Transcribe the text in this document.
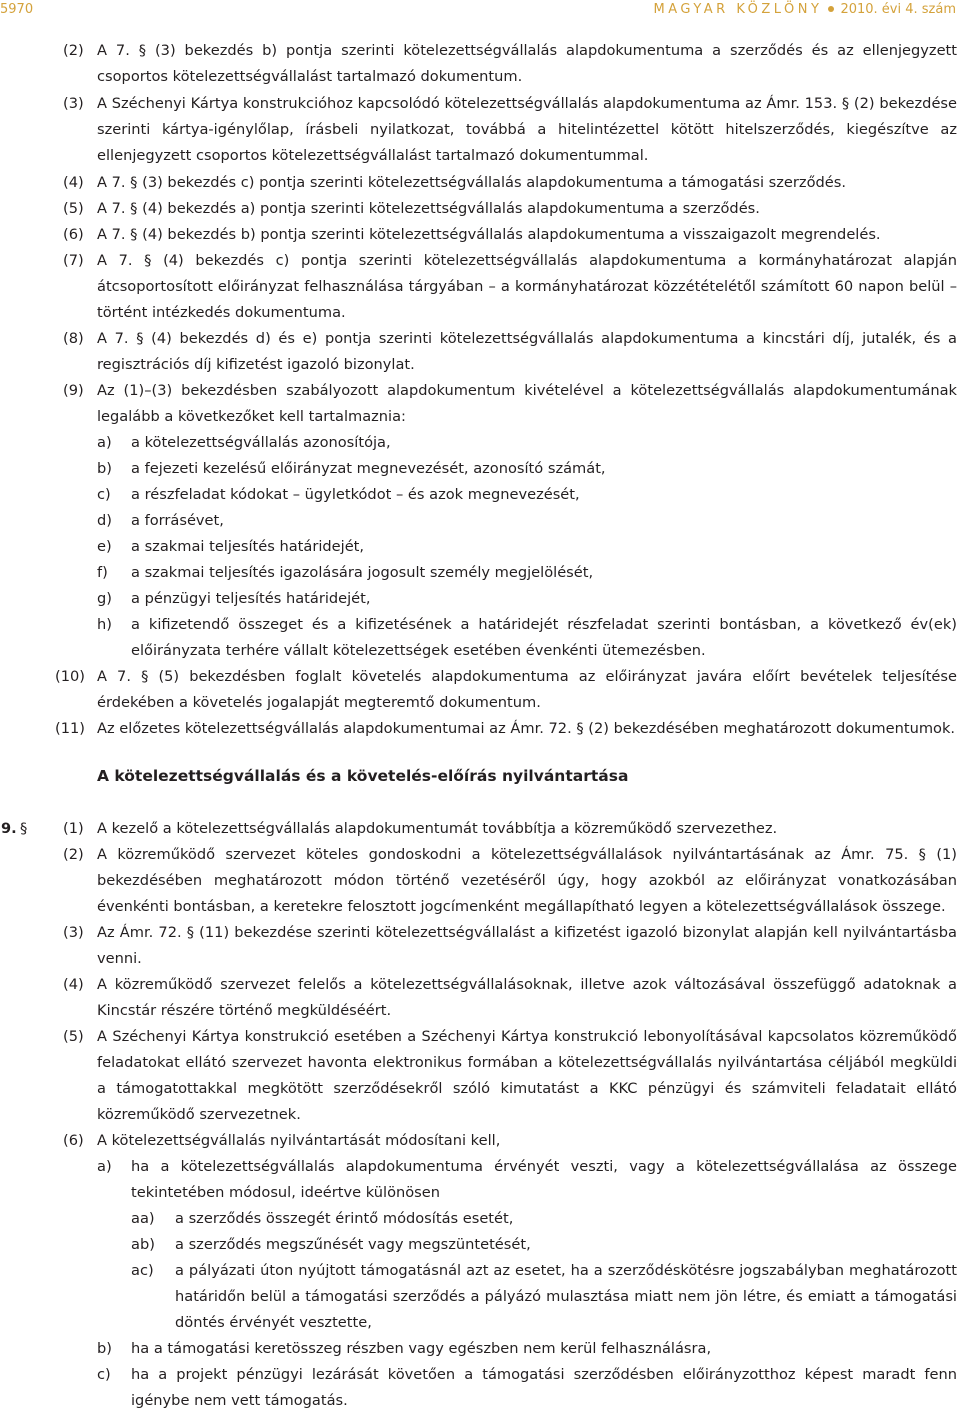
5970	MAGYAR KÖZLÖNY 2010. évi 4. szám

(2) A 7. § (3) bekezdés b) pontja szerinti kötelezettségvállalás alapdokumentuma a szerződés és az ellenjegyzett csoportos kötelezettségvállalást tartalmazó dokumentum.

(3) A Széchenyi Kártya konstrukcióhoz kapcsolódó kötelezettségvállalás alapdokumentuma az Ámr. 153. § (2) bekezdése szerinti kártya-igénylőlap, írásbeli nyilatkozat, továbbá a hitelintézettel kötött hitelszerződés, kiegészítve az ellenjegyzett csoportos kötelezettségvállalást tartalmazó dokumentummal.

(4) A 7. § (3) bekezdés c) pontja szerinti kötelezettségvállalás alapdokumentuma a támogatási szerződés.

(5) A 7. § (4) bekezdés a) pontja szerinti kötelezettségvállalás alapdokumentuma a szerződés.

(6) A 7. § (4) bekezdés b) pontja szerinti kötelezettségvállalás alapdokumentuma a visszaigazolt megrendelés.

(7) A 7. § (4) bekezdés c) pontja szerinti kötelezettségvállalás alapdokumentuma a kormányhatározat alapján átcsoportosított előirányzat felhasználása tárgyában – a kormányhatározat közzétételétől számított 60 napon belül – történt intézkedés dokumentuma.

(8) A 7. § (4) bekezdés d) és e) pontja szerinti kötelezettségvállalás alapdokumentuma a kincstári díj, jutalék, és a regisztrációs díj kifizetést igazoló bizonylat.

(9) Az (1)–(3) bekezdésben szabályozott alapdokumentum kivételével a kötelezettségvállalás alapdokumentumának legalább a következőket kell tartalmaznia:

a) a kötelezettségvállalás azonosítója,

b) a fejezeti kezelésű előirányzat megnevezését, azonosító számát,

c) a részfeladat kódokat – ügyletkódot – és azok megnevezését,

d) a forrásévet,

e) a szakmai teljesítés határidejét,

f) a szakmai teljesítés igazolására jogosult személy megjelölését,

g) a pénzügyi teljesítés határidejét,

h) a kifizetendő összeget és a kifizetésének a határidejét részfeladat szerinti bontásban, a következő év(ek) előirányzata terhére vállalt kötelezettségek esetében évenkénti ütemezésben.

(10) A 7. § (5) bekezdésben foglalt követelés alapdokumentuma az előirányzat javára előírt bevételek teljesítése érdekében a követelés jogalapját megteremtő dokumentum.

(11) Az előzetes kötelezettségvállalás alapdokumentumai az Ámr. 72. § (2) bekezdésében meghatározott dokumentumok.

A kötelezettségvállalás és a követelés-előírás nyilvántartása

9. § (1) A kezelő a kötelezettségvállalás alapdokumentumát továbbítja a közreműködő szervezethez.

(2) A közreműködő szervezet köteles gondoskodni a kötelezettségvállalások nyilvántartásának az Ámr. 75. § (1) bekezdésében meghatározott módon történő vezetéséről úgy, hogy azokból az előirányzat vonatkozásában évenkénti bontásban, a keretekre felosztott jogcímenként megállapítható legyen a kötelezettségvállalások összege.

(3) Az Ámr. 72. § (11) bekezdése szerinti kötelezettségvállalást a kifizetést igazoló bizonylat alapján kell nyilvántartásba venni.

(4) A közreműködő szervezet felelős a kötelezettségvállalásoknak, illetve azok változásával összefüggő adatoknak a Kincstár részére történő megküldéséért.

(5) A Széchenyi Kártya konstrukció esetében a Széchenyi Kártya konstrukció lebonyolításával kapcsolatos közreműködő feladatokat ellátó szervezet havonta elektronikus formában a kötelezettségvállalás nyilvántartása céljából megküldi a támogatottakkal megkötött szerződésekről szóló kimutatást a KKC pénzügyi és számviteli feladatait ellátó közreműködő szervezetnek.

(6) A kötelezettségvállalás nyilvántartását módosítani kell,

a) ha a kötelezettségvállalás alapdokumentuma érvényét veszti, vagy a kötelezettségvállalása az összege tekintetében módosul, ideértve különösen

aa) a szerződés összegét érintő módosítás esetét,

ab) a szerződés megszűnését vagy megszüntetését,

ac) a pályázati úton nyújtott támogatásnál azt az esetet, ha a szerződéskötésre jogszabályban meghatározott határidőn belül a támogatási szerződés a pályázó mulasztása miatt nem jön létre, és emiatt a támogatási döntés érvényét vesztette,

b) ha a támogatási keretösszeg részben vagy egészben nem kerül felhasználásra,

c) ha a projekt pénzügyi lezárását követően a támogatási szerződésben előirányzotthoz képest maradt fenn igénybe nem vett támogatás.
